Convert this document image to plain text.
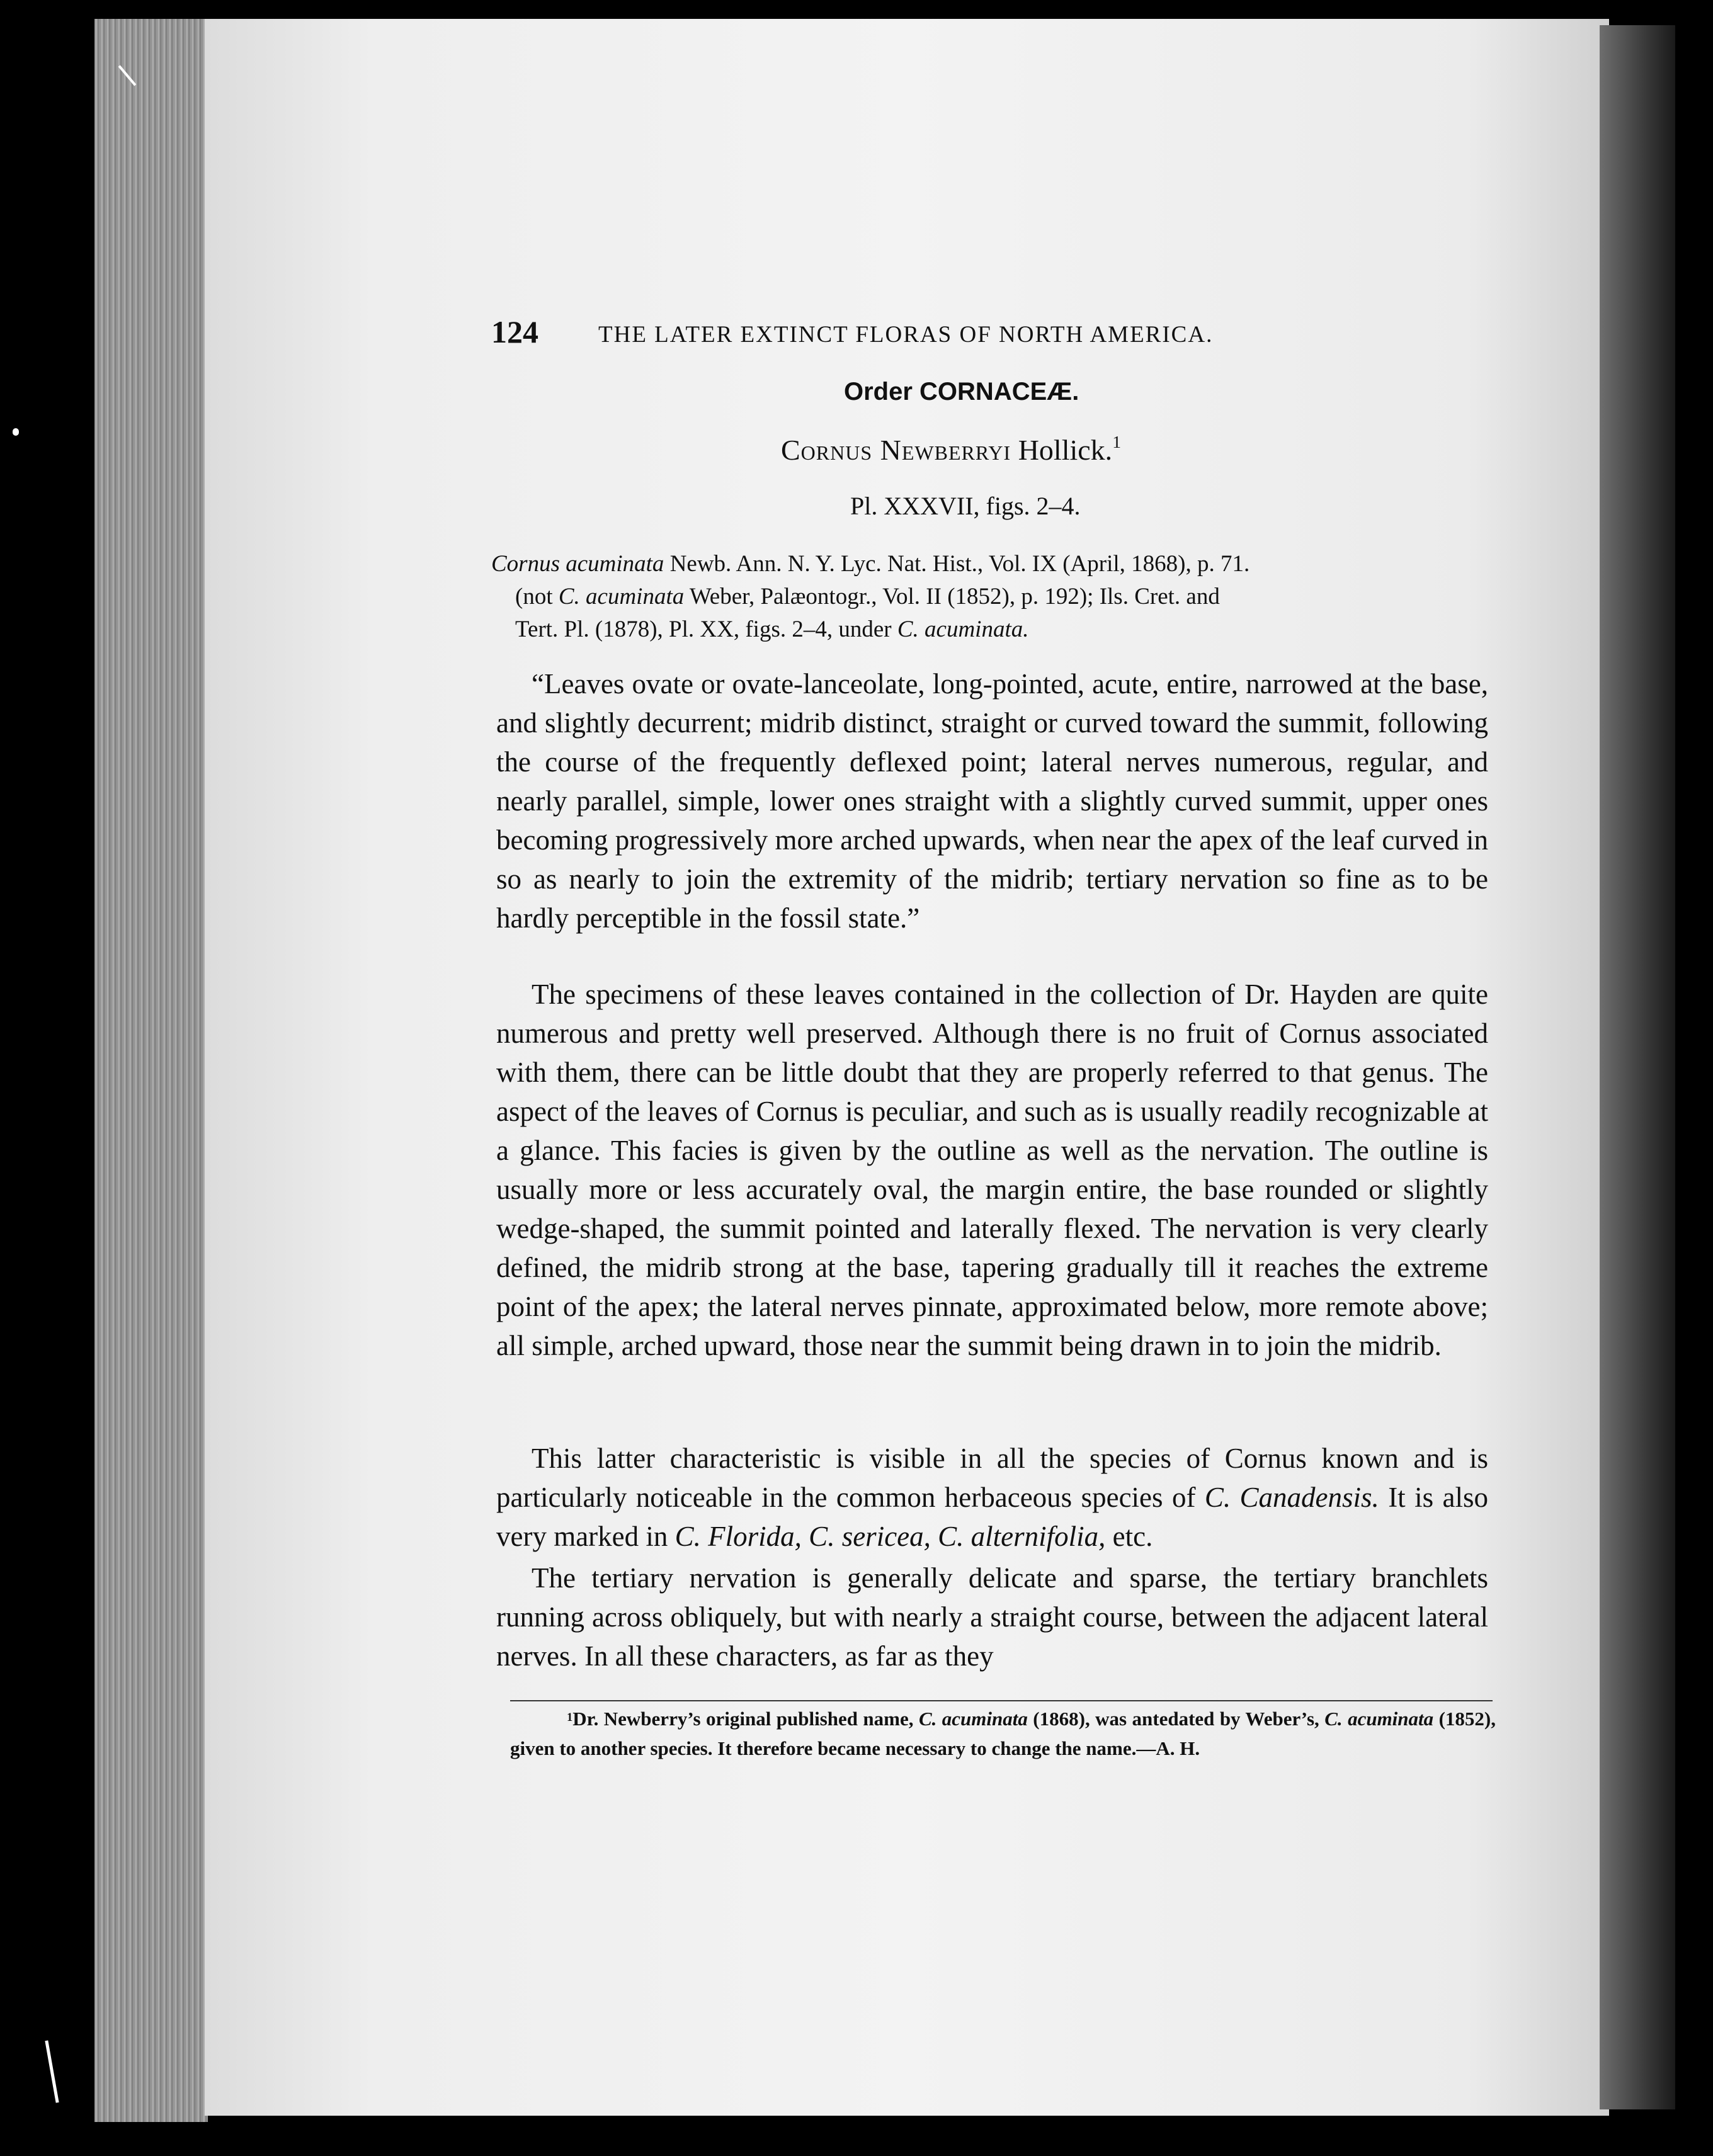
124	THE LATER EXTINCT FLORAS OF NORTH AMERICA.
Order CORNACEÆ.
Cornus Newberryi Hollick.$^1$
Pl. XXXVII, figs. 2–4.
Cornus acuminata Newb. Ann. N. Y. Lyc. Nat. Hist., Vol. IX (April, 1868), p. 71.
(not C. acuminata Weber, Palæontogr., Vol. II (1852), p. 192); Ils. Cret. and
Tert. Pl. (1878), Pl. XX, figs. 2–4, under C. acuminata.
“Leaves ovate or ovate-lanceolate, long-pointed, acute, entire, narrowed at the base, and slightly decurrent; midrib distinct, straight or curved toward the summit, following the course of the frequently deflexed point; lateral nerves numerous, regular, and nearly parallel, simple, lower ones straight with a slightly curved summit, upper ones becoming progressively more arched upwards, when near the apex of the leaf curved in so as nearly to join the extremity of the midrib; tertiary nervation so fine as to be hardly perceptible in the fossil state.”
The specimens of these leaves contained in the collection of Dr. Hayden are quite numerous and pretty well preserved. Although there is no fruit of Cornus associated with them, there can be little doubt that they are properly referred to that genus. The aspect of the leaves of Cornus is peculiar, and such as is usually readily recognizable at a glance. This facies is given by the outline as well as the nervation. The outline is usually more or less accurately oval, the margin entire, the base rounded or slightly wedge-shaped, the summit pointed and laterally flexed. The nervation is very clearly defined, the midrib strong at the base, tapering gradually till it reaches the extreme point of the apex; the lateral nerves pinnate, approximated below, more remote above; all simple, arched upward, those near the summit being drawn in to join the midrib.
This latter characteristic is visible in all the species of Cornus known and is particularly noticeable in the common herbaceous species of C. Canadensis. It is also very marked in C. Florida, C. sericea, C. alternifolia, etc.
The tertiary nervation is generally delicate and sparse, the tertiary branchlets running across obliquely, but with nearly a straight course, between the adjacent lateral nerves. In all these characters, as far as they
$^1$Dr. Newberry’s original published name, C. acuminata (1868), was antedated by Weber’s, C. acuminata (1852), given to another species. It therefore became necessary to change the name.—A. H.
